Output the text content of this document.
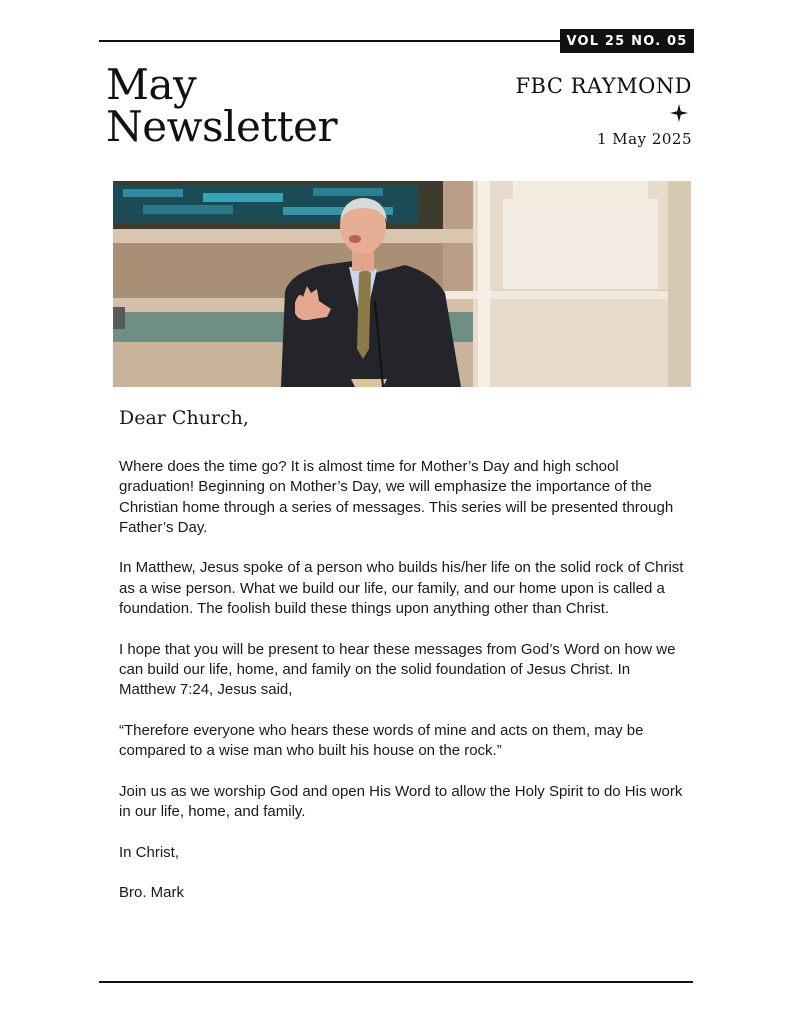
VOL 25 NO. 05
May
Newsletter
FBC RAYMOND
1 May 2025
Dear Church,

Where does the time go? It is almost time for Mother’s Day and high school graduation! Beginning on Mother’s Day, we will emphasize the importance of the Christian home through a series of messages. This series will be presented through Father’s Day.

In Matthew, Jesus spoke of a person who builds his/her life on the solid rock of Christ as a wise person. What we build our life, our family, and our home upon is called a foundation. The foolish build these things upon anything other than Christ.

I hope that you will be present to hear these messages from God’s Word on how we can build our life, home, and family on the solid foundation of Jesus Christ. In Matthew 7:24, Jesus said,

“Therefore everyone who hears these words of mine and acts on them, may be compared to a wise man who built his house on the rock.”

Join us as we worship God and open His Word to allow the Holy Spirit to do His work in our life, home, and family.

In Christ,

Bro. Mark
